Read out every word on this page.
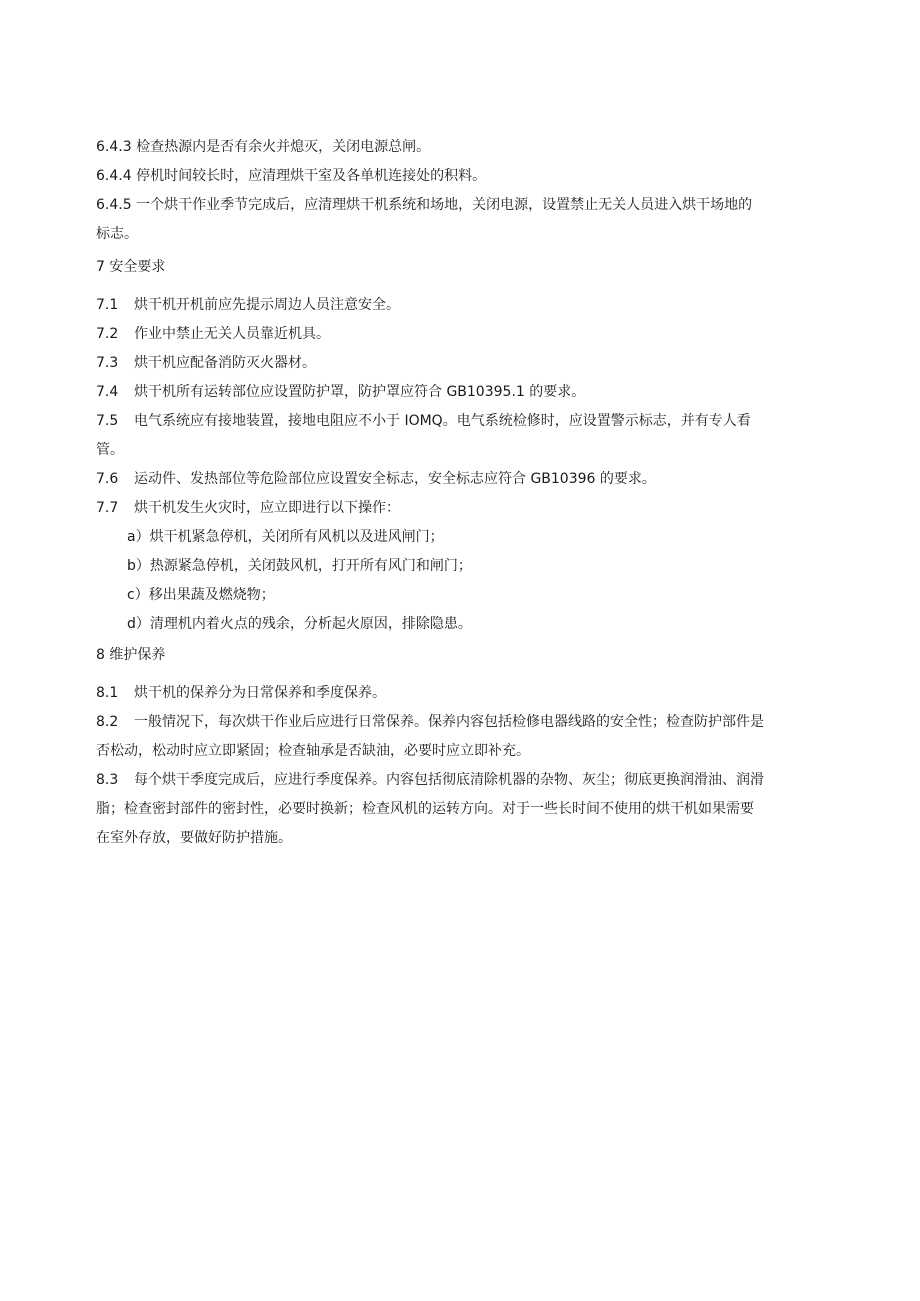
6.4.3 检查热源内是否有余火并熄灭，关闭电源总闸。
6.4.4 停机时间较长时，应清理烘干室及各单机连接处的积料。
6.4.5 一个烘干作业季节完成后，应清理烘干机系统和场地，关闭电源，设置禁止无关人员进入烘干场地的
标志。
7 安全要求
7.1 烘干机开机前应先提示周边人员注意安全。
7.2 作业中禁止无关人员靠近机具。
7.3 烘干机应配备消防灭火器材。
7.4 烘干机所有运转部位应设置防护罩，防护罩应符合 GB10395.1 的要求。
7.5 电气系统应有接地装置，接地电阻应不小于 IOMQ。电气系统检修时，应设置警示标志，并有专人看
管。
7.6 运动件、发热部位等危险部位应设置安全标志，安全标志应符合 GB10396 的要求。
7.7 烘干机发生火灾时，应立即进行以下操作：
a）烘干机紧急停机，关闭所有风机以及进风闸门；
b）热源紧急停机，关闭鼓风机，打开所有风门和闸门；
c）移出果蔬及燃烧物；
d）清理机内着火点的残余，分析起火原因，排除隐患。
8 维护保养
8.1 烘干机的保养分为日常保养和季度保养。
8.2 一般情况下，每次烘干作业后应进行日常保养。保养内容包括检修电器线路的安全性；检查防护部件是
否松动，松动时应立即紧固；检查轴承是否缺油，必要时应立即补充。
8.3 每个烘干季度完成后，应进行季度保养。内容包括彻底清除机器的杂物、灰尘；彻底更换润滑油、润滑
脂；检查密封部件的密封性，必要时换新；检查风机的运转方向。对于一些长时间不使用的烘干机如果需要
在室外存放，要做好防护措施。
